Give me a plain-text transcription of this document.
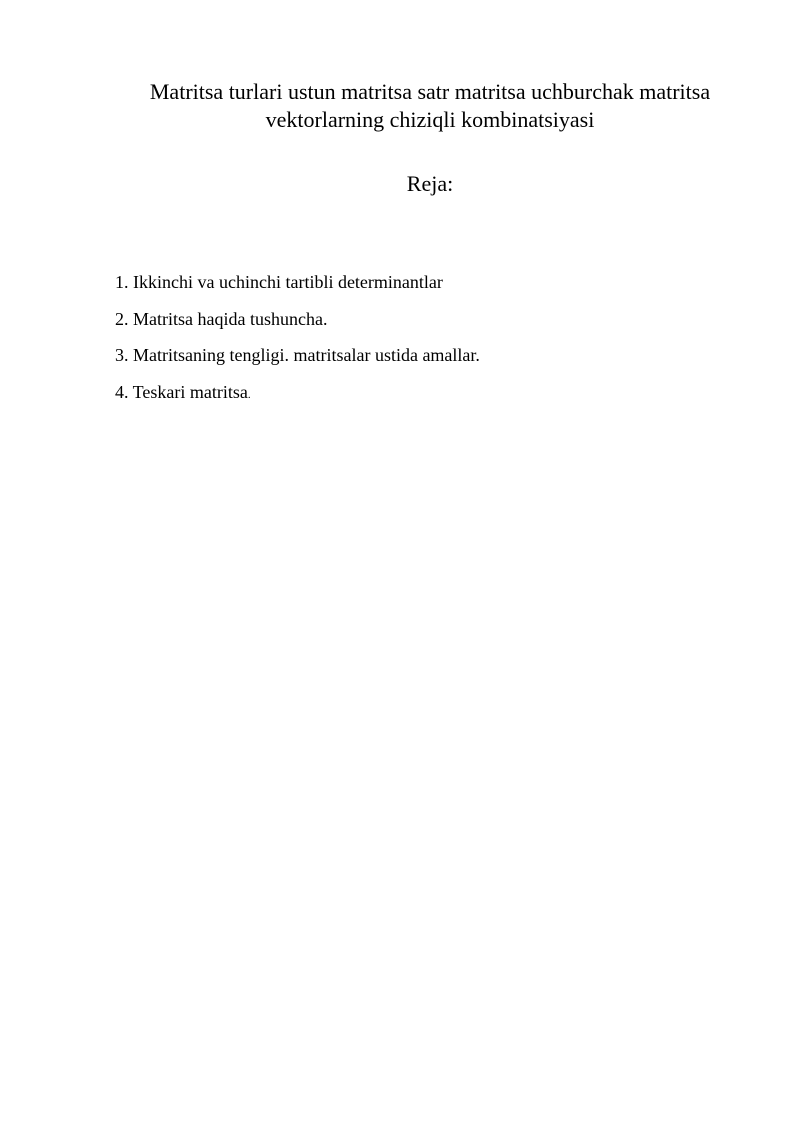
Matritsa turlari ustun matritsa satr matritsa uchburchak matritsa
vektorlarning chiziqli kombinatsiyasi
Reja:
1. Ikkinchi va uchinchi tartibli determinantlar
2. Matritsa haqida tushuncha.
3. Matritsaning tengligi. matritsalar ustida amallar.
4. Teskari matritsa.
